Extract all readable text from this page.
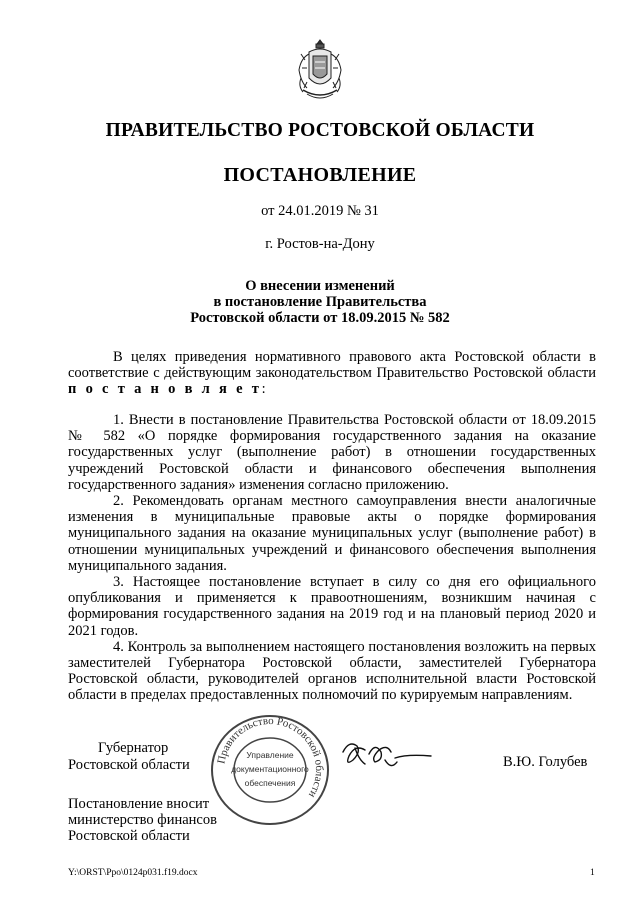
ПРАВИТЕЛЬСТВО РОСТОВСКОЙ ОБЛАСТИ
ПОСТАНОВЛЕНИЕ
от 24.01.2019 № 31
г. Ростов-на-Дону
О внесении изменений
в постановление Правительства
Ростовской области от 18.09.2015 № 582

В целях приведения нормативного правового акта Ростовской области в соответствие с действующим законодательством Правительство Ростовской области п о с т а н о в л я е т:

1. Внести в постановление Правительства Ростовской области от 18.09.2015 № 582 «О порядке формирования государственного задания на оказание государственных услуг (выполнение работ) в отношении государственных учреждений Ростовской области и финансового обеспечения выполнения государственного задания» изменения согласно приложению.

2. Рекомендовать органам местного самоуправления внести аналогичные изменения в муниципальные правовые акты о порядке формирования муниципального задания на оказание муниципальных услуг (выполнение работ) в отношении муниципальных учреждений и финансового обеспечения выполнения муниципального задания.

3. Настоящее постановление вступает в силу со дня его официального опубликования и применяется к правоотношениям, возникшим начиная с формирования государственного задания на 2019 год и на плановый период 2020 и 2021 годов.

4. Контроль за выполнением настоящего постановления возложить на первых заместителей Губернатора Ростовской области, заместителей Губернатора Ростовской области, руководителей органов исполнительной власти Ростовской области в пределах предоставленных полномочий по курируемым направлениям.

Губернатор
Ростовской области Правительство Ростовской области
Управление
документационного
обеспечения
В.Ю. Голубев
Постановление вносит
министерство финансов
Ростовской области
Y:\ORST\Ppo\0124p031.f19.docx	1
